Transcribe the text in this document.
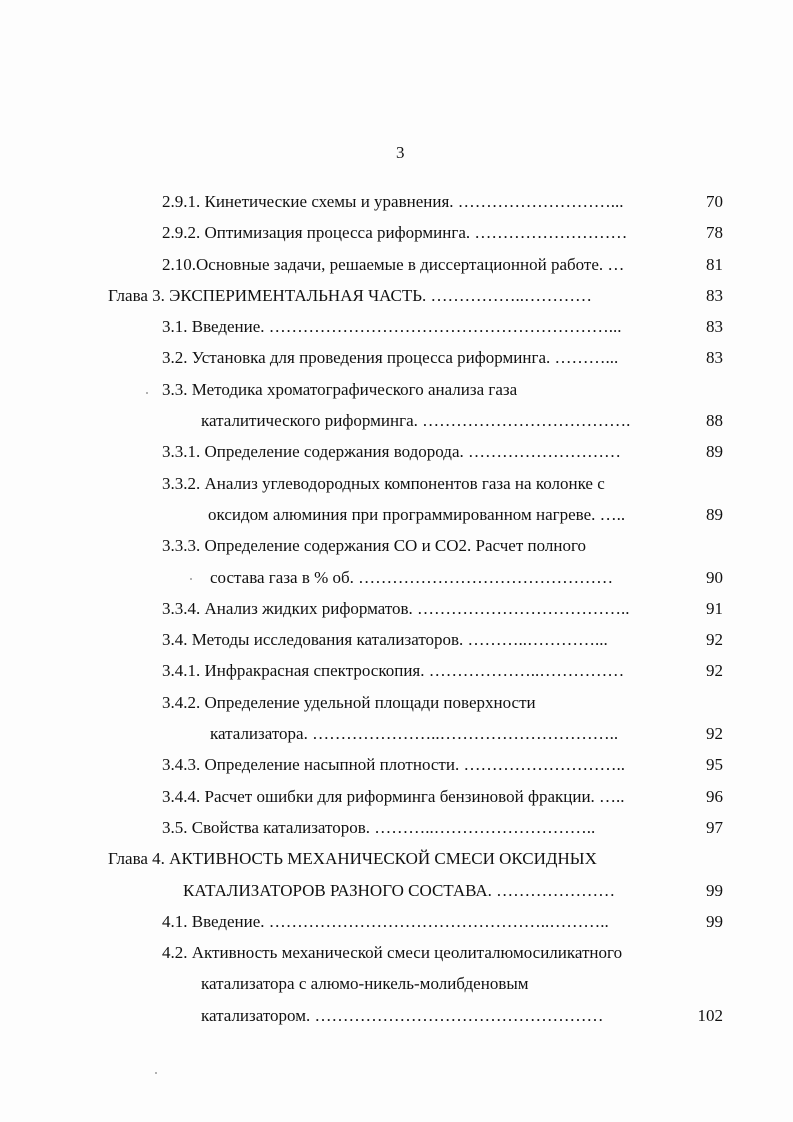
3
2.9.1. Кинетические схемы и уравнения. ………………………...	70
2.9.2. Оптимизация процесса риформинга. ………………………	78
2.10.Основные задачи, решаемые в диссертационной работе. …	81
Глава 3. ЭКСПЕРИМЕНТАЛЬНАЯ ЧАСТЬ. ……………..…………	83
3.1. Введение. ……………………………………………………...	83
3.2. Установка для проведения процесса риформинга. ………...	83
3.3. Методика хроматографического анализа газа
каталитического риформинга. ……………………………….	88
3.3.1. Определение содержания водорода. ………………………	89
3.3.2. Анализ углеводородных компонентов газа на колонке с
оксидом алюминия при программированном нагреве. …..	89
3.3.3. Определение содержания СО и СО2. Расчет полного
состава газа в % об. ………………………………………	90
3.3.4. Анализ жидких риформатов. ………………………………..	91
3.4. Методы исследования катализаторов. ………..…………...	92
3.4.1. Инфракрасная спектроскопия. ………………..……………	92
3.4.2. Определение удельной площади поверхности
катализатора. …………………..…………………………..	92
3.4.3. Определение насыпной плотности. ………………………..	95
3.4.4. Расчет ошибки для риформинга бензиновой фракции. …..	96
3.5. Свойства катализаторов. ………..………………………..	97
Глава 4. АКТИВНОСТЬ МЕХАНИЧЕСКОЙ СМЕСИ ОКСИДНЫХ
КАТАЛИЗАТОРОВ РАЗНОГО СОСТАВА. …………………	99
4.1. Введение. …………………………………………..………..	99
4.2. Активность механической смеси цеолиталюмосиликатного
катализатора с алюмо-никель-молибденовым
катализатором. ……………………………………………	102
